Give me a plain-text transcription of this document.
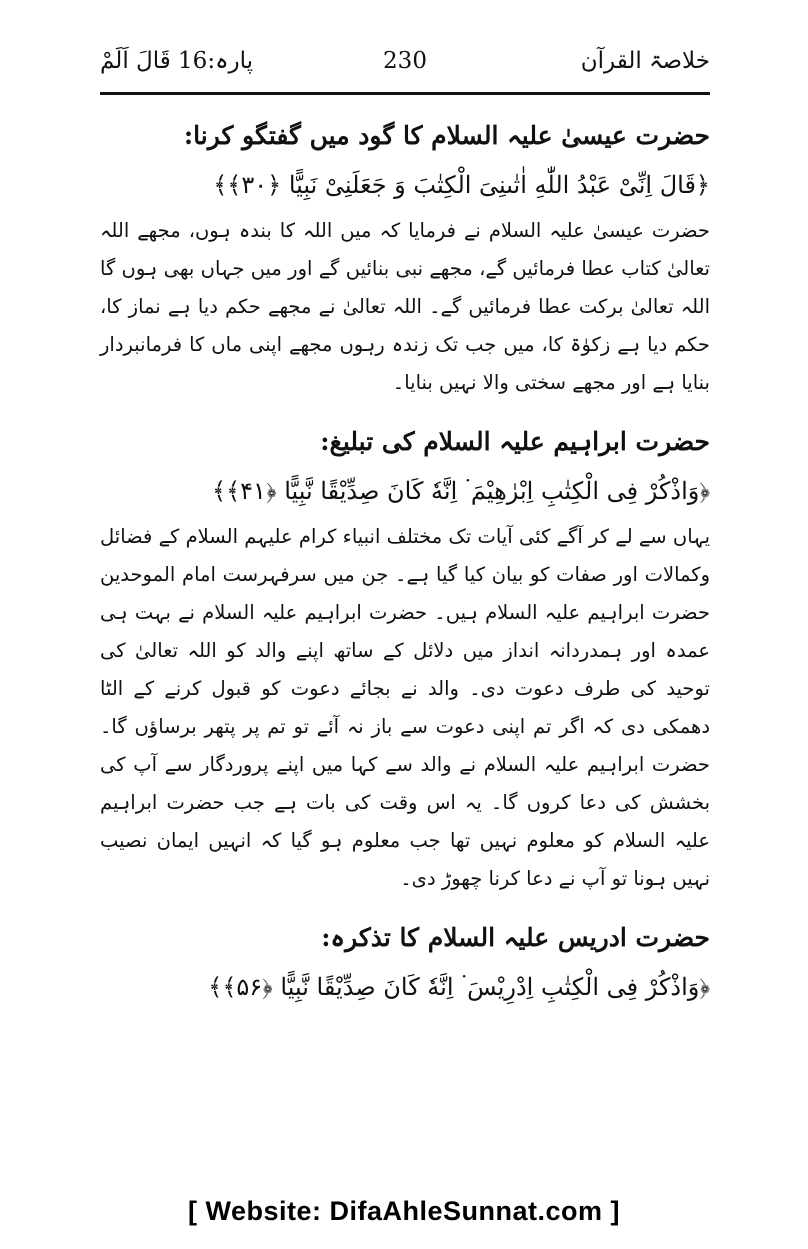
خلاصۃ القرآن
230
پارہ:16 قَالَ اَلَمْ
حضرت عیسیٰ علیہ السلام کا گود میں گفتگو کرنا:
﴿قَالَ اِنِّیْ عَبْدُ اللّٰهِ اٰتٰىنِیَ الْكِتٰبَ وَ جَعَلَنِیْ نَبِیًّا ﴿۳۰﴾﴾

حضرت عیسیٰ علیہ السلام نے فرمایا کہ میں اللہ کا بندہ ہوں، مجھے اللہ تعالیٰ کتاب عطا فرمائیں گے، مجھے نبی بنائیں گے اور میں جہاں بھی ہوں گا اللہ تعالیٰ برکت عطا فرمائیں گے۔ اللہ تعالیٰ نے مجھے حکم دیا ہے نماز کا، حکم دیا ہے زکوٰۃ کا، میں جب تک زندہ رہوں مجھے اپنی ماں کا فرمانبردار بنایا ہے اور مجھے سختی والا نہیں بنایا۔

حضرت ابراہیم علیہ السلام کی تبلیغ:
﴿وَاذْكُرْ فِی الْكِتٰبِ اِبْرٰهِیْمَ ۬ اِنَّهٗ كَانَ صِدِّیْقًا نَّبِیًّا ﴿۴۱﴾﴾

یہاں سے لے کر آگے کئی آیات تک مختلف انبیاء کرام علیہم السلام کے فضائل وکمالات اور صفات کو بیان کیا گیا ہے۔ جن میں سرفہرست امام الموحدین حضرت ابراہیم علیہ السلام ہیں۔ حضرت ابراہیم علیہ السلام نے بہت ہی عمدہ اور ہمدردانہ انداز میں دلائل کے ساتھ اپنے والد کو اللہ تعالیٰ کی توحید کی طرف دعوت دی۔ والد نے بجائے دعوت کو قبول کرنے کے الٹا دھمکی دی کہ اگر تم اپنی دعوت سے باز نہ آئے تو تم پر پتھر برساؤں گا۔ حضرت ابراہیم علیہ السلام نے والد سے کہا میں اپنے پروردگار سے آپ کی بخشش کی دعا کروں گا۔ یہ اس وقت کی بات ہے جب حضرت ابراہیم علیہ السلام کو معلوم نہیں تھا جب معلوم ہو گیا کہ انہیں ایمان نصیب نہیں ہونا تو آپ نے دعا کرنا چھوڑ دی۔

حضرت ادریس علیہ السلام کا تذکرہ:
﴿وَاذْكُرْ فِی الْكِتٰبِ اِدْرِیْسَ ۬ اِنَّهٗ كَانَ صِدِّیْقًا نَّبِیًّا ﴿۵۶﴾﴾
[ Website: DifaAhleSunnat.com ]
